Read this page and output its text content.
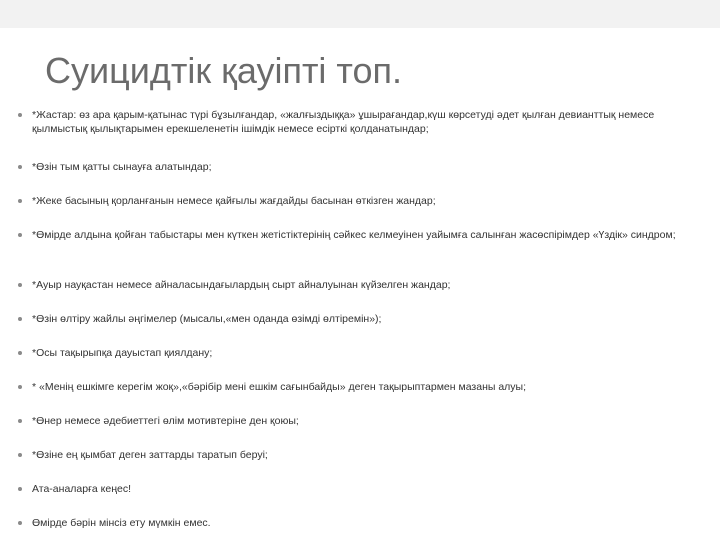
Суицидтік қауіпті топ.
*Жастар: өз ара қарым-қатынас түрі бұзылғандар, «жалғыздыққа» ұшырағандар,күш көрсетуді әдет қылған девианттық немесе қылмыстық қылықтарымен ерекшеленетін ішімдік немесе есірткі қолданатындар;
*Өзін тым қатты сынауға алатындар;
*Жеке басының қорланғанын немесе қайғылы жағдайды басынан өткізген жандар;
*Өмірде алдына қойған табыстары мен күткен жетістіктерінің сәйкес келмеуінен уайымға салынған жасөспірімдер «Үздік» синдром;
*Ауыр науқастан немесе айналасындағылардың сырт айналуынан күйзелген жандар;
*Өзін өлтіру жайлы әңгімелер (мысалы,«мен оданда өзімді өлтіремін»);
*Осы тақырыпқа дауыстап қиялдану;
* «Менің ешкімге керегім жоқ»,«бәрібір мені ешкім сағынбайды» деген тақырыптармен мазаны алуы;
*Өнер немесе әдебиеттегі өлім мотивтеріне ден қоюы;
*Өзіне ең қымбат деген заттарды таратып беруі;
Ата-аналарға кеңес!
Өмірде бәрін мінсіз ету мүмкін емес.
